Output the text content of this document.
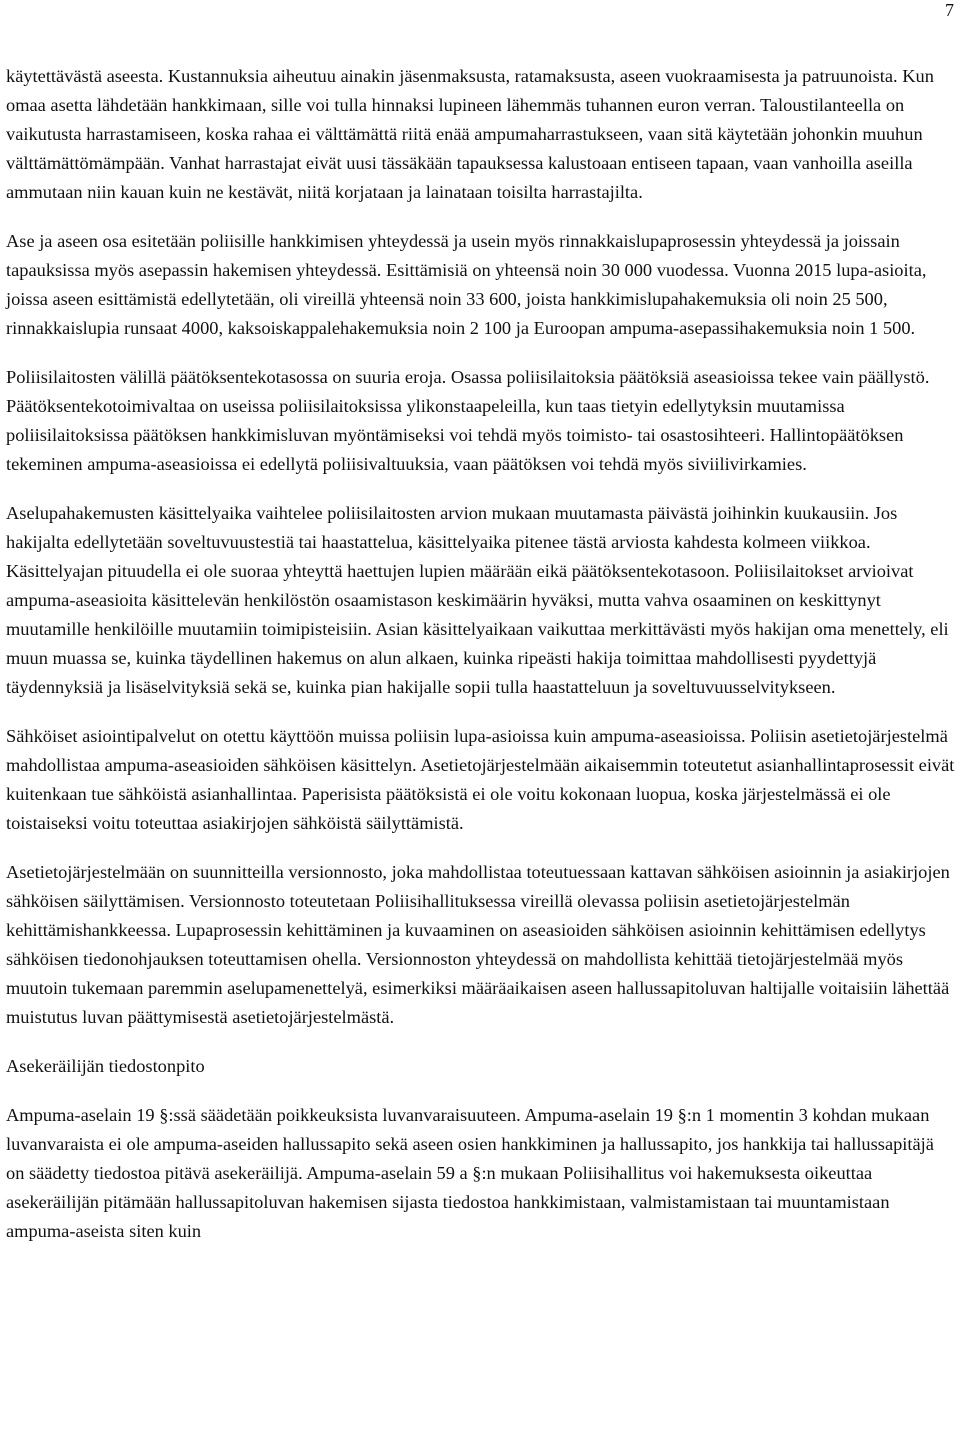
7

käytettävästä aseesta. Kustannuksia aiheutuu ainakin jäsenmaksusta, ratamaksusta, aseen vuokraamisesta ja patruunoista. Kun omaa asetta lähdetään hankkimaan, sille voi tulla hinnaksi lupineen lähemmäs tuhannen euron verran. Taloustilanteella on vaikutusta harrastamiseen, koska rahaa ei välttämättä riitä enää ampumaharrastukseen, vaan sitä käytetään johonkin muuhun välttämättömämpään. Vanhat harrastajat eivät uusi tässäkään tapauksessa kalustoaan entiseen tapaan, vaan vanhoilla aseilla ammutaan niin kauan kuin ne kestävät, niitä korjataan ja lainataan toisilta harrastajilta.

Ase ja aseen osa esitetään poliisille hankkimisen yhteydessä ja usein myös rinnakkaislupaprosessin yhteydessä ja joissain tapauksissa myös asepassin hakemisen yhteydessä. Esittämisiä on yhteensä noin 30 000 vuodessa. Vuonna 2015 lupa-asioita, joissa aseen esittämistä edellytetään, oli vireillä yhteensä noin 33 600, joista hankkimislupahakemuksia oli noin 25 500, rinnakkaislupia runsaat 4000, kaksoiskappalehakemuksia noin 2 100 ja Euroopan ampuma-asepassihakemuksia noin 1 500.

Poliisilaitosten välillä päätöksentekotasossa on suuria eroja. Osassa poliisilaitoksia päätöksiä aseasioissa tekee vain päällystö. Päätöksentekotoimivaltaa on useissa poliisilaitoksissa ylikonstaapeleilla, kun taas tietyin edellytyksin muutamissa poliisilaitoksissa päätöksen hankkimisluvan myöntämiseksi voi tehdä myös toimisto- tai osastosihteeri. Hallintopäätöksen tekeminen ampuma-aseasioissa ei edellytä poliisivaltuuksia, vaan päätöksen voi tehdä myös siviilivirkamies.

Aselupahakemusten käsittelyaika vaihtelee poliisilaitosten arvion mukaan muutamasta päivästä joihinkin kuukausiin. Jos hakijalta edellytetään soveltuvuustestiä tai haastattelua, käsittelyaika pitenee tästä arviosta kahdesta kolmeen viikkoa. Käsittelyajan pituudella ei ole suoraa yhteyttä haettujen lupien määrään eikä päätöksentekotasoon. Poliisilaitokset arvioivat ampuma-aseasioita käsittelevän henkilöstön osaamistason keskimäärin hyväksi, mutta vahva osaaminen on keskittynyt muutamille henkilöille muutamiin toimipisteisiin. Asian käsittelyaikaan vaikuttaa merkittävästi myös hakijan oma menettely, eli muun muassa se, kuinka täydellinen hakemus on alun alkaen, kuinka ripeästi hakija toimittaa mahdollisesti pyydettyjä täydennyksiä ja lisäselvityksiä sekä se, kuinka pian hakijalle sopii tulla haastatteluun ja soveltuvuusselvitykseen.

Sähköiset asiointipalvelut on otettu käyttöön muissa poliisin lupa-asioissa kuin ampuma-aseasioissa. Poliisin asetietojärjestelmä mahdollistaa ampuma-aseasioiden sähköisen käsittelyn. Asetietojärjestelmään aikaisemmin toteutetut asianhallintaprosessit eivät kuitenkaan tue sähköistä asianhallintaa. Paperisista päätöksistä ei ole voitu kokonaan luopua, koska järjestelmässä ei ole toistaiseksi voitu toteuttaa asiakirjojen sähköistä säilyttämistä.

Asetietojärjestelmään on suunnitteilla versionnosto, joka mahdollistaa toteutuessaan kattavan sähköisen asioinnin ja asiakirjojen sähköisen säilyttämisen. Versionnosto toteutetaan Poliisihallituksessa vireillä olevassa poliisin asetietojärjestelmän kehittämishankkeessa. Lupaprosessin kehittäminen ja kuvaaminen on aseasioiden sähköisen asioinnin kehittämisen edellytys sähköisen tiedonohjauksen toteuttamisen ohella. Versionnoston yhteydessä on mahdollista kehittää tietojärjestelmää myös muutoin tukemaan paremmin aselupamenettelyä, esimerkiksi määräaikaisen aseen hallussapitoluvan haltijalle voitaisiin lähettää muistutus luvan päättymisestä asetietojärjestelmästä.

Asekeräilijän tiedostonpito

Ampuma-aselain 19 §:ssä säädetään poikkeuksista luvanvaraisuuteen. Ampuma-aselain 19 §:n 1 momentin 3 kohdan mukaan luvanvaraista ei ole ampuma-aseiden hallussapito sekä aseen osien hankkiminen ja hallussapito, jos hankkija tai hallussapitäjä on säädetty tiedostoa pitävä asekeräilijä. Ampuma-aselain 59 a §:n mukaan Poliisihallitus voi hakemuksesta oikeuttaa asekeräilijän pitämään hallussapitoluvan hakemisen sijasta tiedostoa hankkimistaan, valmistamistaan tai muuntamistaan ampuma-aseista siten kuin
